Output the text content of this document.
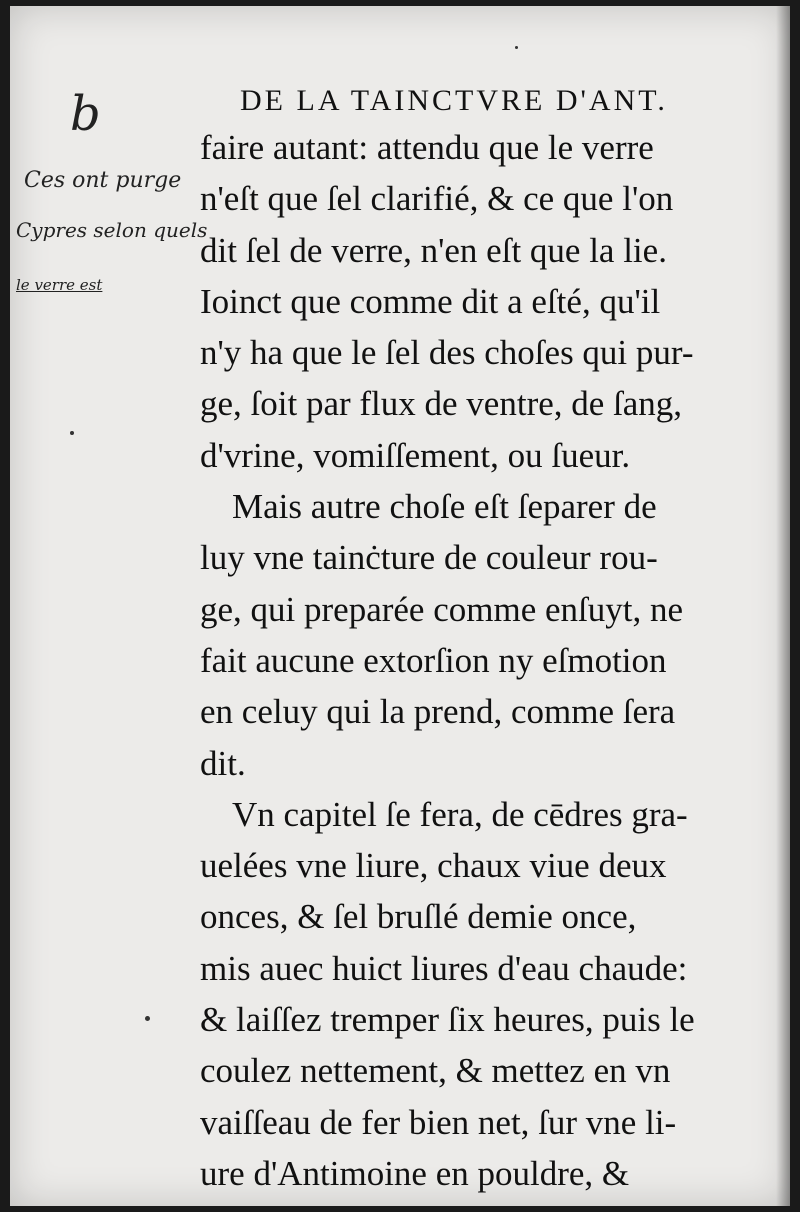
b
Ces ont purge
Cypres selon quels
le verre est
DE LA TAINCTVRE D'ANT.
faire autant: attendu que le verre
n'eſt que ſel clarifié, & ce que l'on
dit ſel de verre, n'en eſt que la lie.
Ioinct que comme dit a eſté, qu'il
n'y ha que le ſel des choſes qui pur-
ge, ſoit par flux de ventre, de ſang,
d'vrine, vomiſſement, ou ſueur.
Mais autre choſe eſt ſeparer de
luy vne tainċture de couleur rou-
ge, qui preparée comme enſuyt, ne
fait aucune extorſion ny eſmotion
en celuy qui la prend, comme ſera
dit.
Vn capitel ſe fera, de cēdres gra-
uelées vne liure, chaux viue deux
onces, & ſel bruſlé demie once,
mis auec huict liures d'eau chaude:
& laiſſez tremper ſix heures, puis le
coulez nettement, & mettez en vn
vaiſſeau de fer bien net, ſur vne li-
ure d'Antimoine en pouldre, &
